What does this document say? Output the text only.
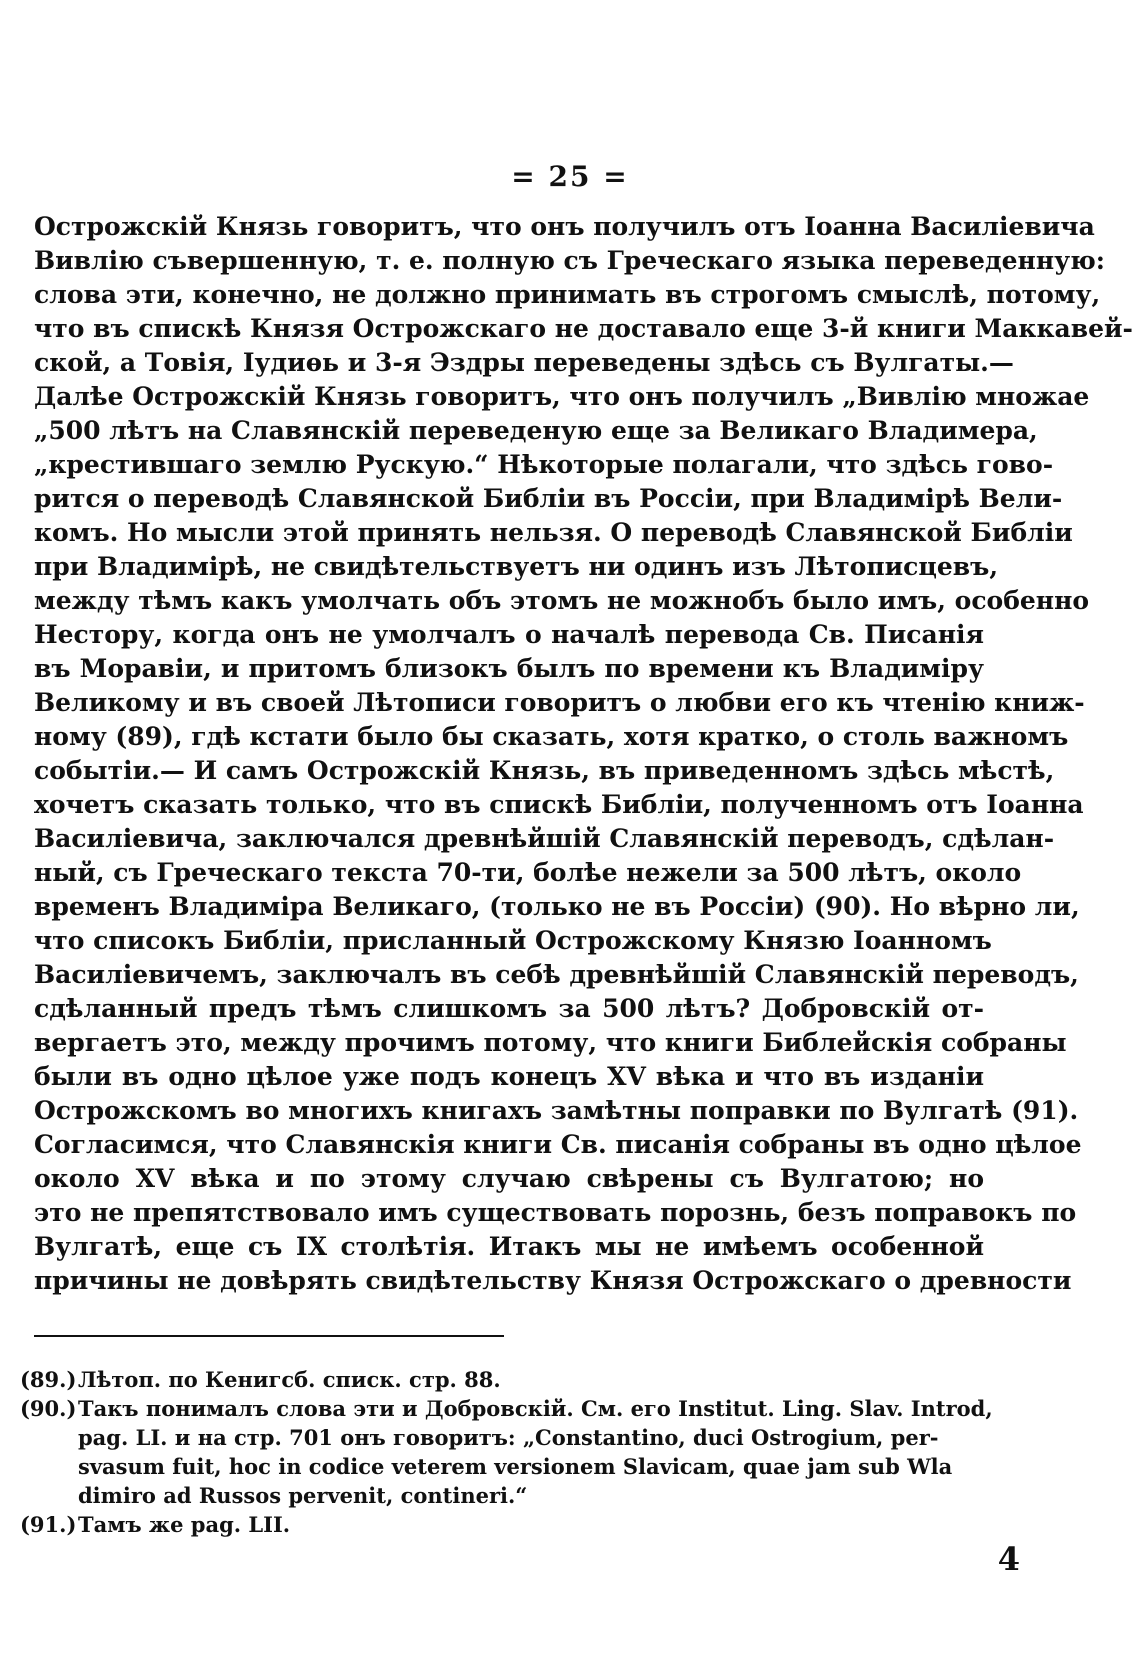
= 25 =
Острожскій Князь говоритъ, что онъ получилъ отъ Іоанна Василіевича
Вивлію съвершенную, т. е. полную съ Греческаго языка переведенную:
слова эти, конечно, не должно принимать въ строгомъ смыслѣ, потому,
что въ спискѣ Князя Острожскаго не доставало еще 3-й книги Маккавей-
ской, а Товія, Іудиѳь и 3-я Эздры переведены здѣсь съ Вулгаты.—
Далѣе Острожскій Князь говоритъ, что онъ получилъ „Вивлію множае
„500 лѣтъ на Славянскій переведеную еще за Великаго Владимера,
„крестившаго землю Рускую.“ Нѣкоторые полагали, что здѣсь гово-
рится о переводѣ Славянской Библіи въ Россіи, при Владимірѣ Вели-
комъ. Но мысли этой принять нельзя. О переводѣ Славянской Библіи
при Владимірѣ, не свидѣтельствуетъ ни одинъ изъ Лѣтописцевъ,
между тѣмъ какъ умолчать объ этомъ не можнобъ было имъ, особенно
Нестору, когда онъ не умолчалъ о началѣ перевода Св. Писанія
въ Моравіи, и притомъ близокъ былъ по времени къ Владиміру
Великому и въ своей Лѣтописи говоритъ о любви его къ чтенію книж-
ному (89), гдѣ кстати было бы сказать, хотя кратко, о столь важномъ
событіи.— И самъ Острожскій Князь, въ приведенномъ здѣсь мѣстѣ,
хочетъ сказать только, что въ спискѣ Библіи, полученномъ отъ Іоанна
Василіевича, заключался древнѣйшій Славянскій переводъ, сдѣлан-
ный, съ Греческаго текста 70-ти, болѣе нежели за 500 лѣтъ, около
временъ Владиміра Великаго, (только не въ Россіи) (90). Но вѣрно ли,
что списокъ Библіи, присланный Острожскому Князю Іоанномъ
Василіевичемъ, заключалъ въ себѣ древнѣйшій Славянскій переводъ,
сдѣланный предъ тѣмъ слишкомъ за 500 лѣтъ? Добровскій от-
вергаетъ это, между прочимъ потому, что книги Библейскія собраны
были въ одно цѣлое уже подъ конецъ XV вѣка и что въ изданіи
Острожскомъ во многихъ книгахъ замѣтны поправки по Вулгатѣ (91).
Согласимся, что Славянскія книги Св. писанія собраны въ одно цѣлое
около XV вѣка и по этому случаю свѣрены съ Вулгатою; но
это не препятствовало имъ существовать порознь, безъ поправокъ по
Вулгатѣ, еще съ IX столѣтія. Итакъ мы не имѣемъ особенной
причины не довѣрять свидѣтельству Князя Острожскаго о древности
(89.)Лѣтоп. по Кенигсб. списк. стр. 88.
(90.)Такъ понималъ слова эти и Добровскій. См. его Institut. Ling. Slav. Introd,
pag. LI. и на стр. 701 онъ говоритъ: „Constantino, duci Ostrogium, per-
svasum fuit, hoc in codice veterem versionem Slavicam, quae jam sub Wla
dimiro ad Russos pervenit, contineri.“
(91.)Тамъ же pag. LII.
4
